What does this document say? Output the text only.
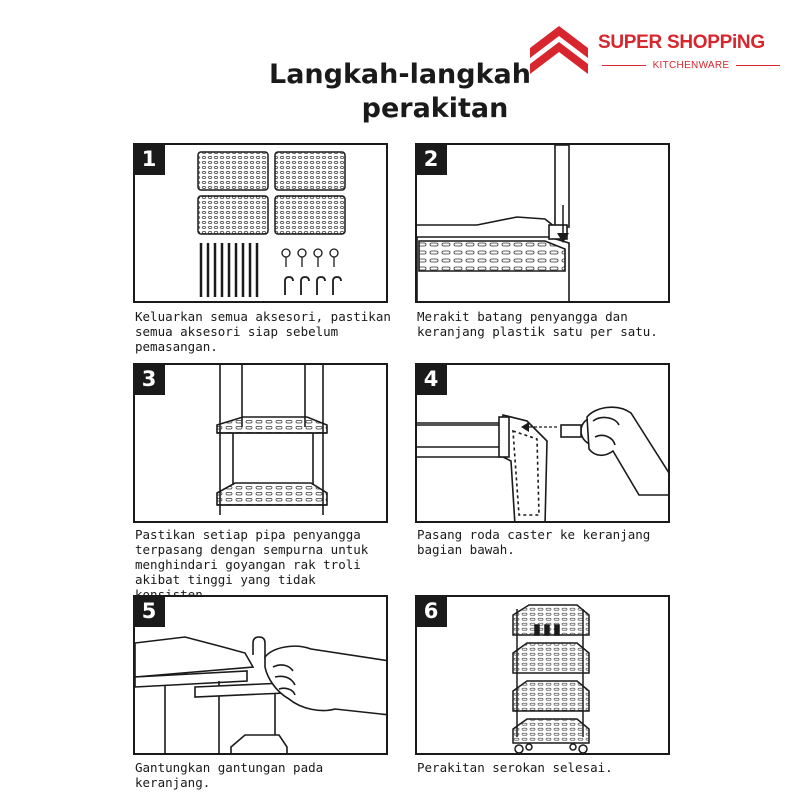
SUPER SHOPPiNG
KITCHENWARE
Langkah-langkah
perakitan
1
Keluarkan semua aksesori, pastikan
semua aksesori siap sebelum
pemasangan.
2
Merakit batang penyangga dan
keranjang plastik satu per satu.
3
Pastikan setiap pipa penyangga
terpasang dengan sempurna untuk
menghindari goyangan rak troli
akibat tinggi yang tidak
4
Pasang roda caster ke keranjang
bagian bawah.
5
Gantungkan gantungan pada
keranjang.
6
Perakitan serokan selesai.
